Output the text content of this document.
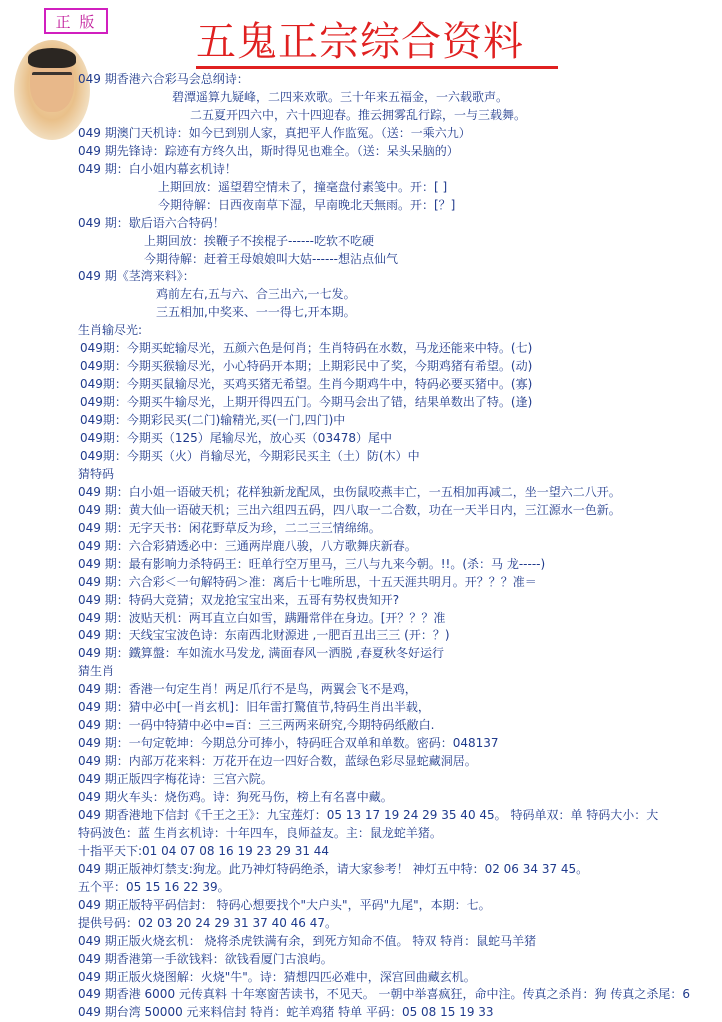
正 版 五鬼正宗综合资料
049 期香港六合彩马会总纲诗：
碧潭遥算九疑峰，二四来欢歌。三十年来五福金，一六载歌声。
二五夏开四六中，六十四迎春。推云拥雾乱行踪，一与三载舞。
049 期澳门天机诗：如今已到别人家，真把平人作监冤。（送：一乘六九）
049 期先锋诗：踪迹有方终久出，斯时得见也难全。（送：呆头呆脑的）
049 期：白小姐内幕玄机诗！
上期回放：遥望碧空情未了，撞毫盘付素笺中。开：[ ]
今期待解：日西夜南草下湿，早南晚北天無雨。开：[？]
049 期：歇后语六合特码！
上期回放：挨鞭子不挨棍子------吃软不吃硬
今期待解：赶着王母娘娘叫大姑------想沾点仙气
049 期《茎湾来料》：
鸡前左右,五与六、合三出六,一七发。
三五相加,中奖来、一一得七,开本期。
生肖输尽光:
049期：今期买蛇输尽光，五颜六色是何肖；生肖特码在水数，马龙还能来中特。(七)
049期：今期买猴输尽光，小心特码开本期；上期彩民中了奖，今期鸡猪有希望。(动)
049期：今期买鼠输尽光，买鸡买猪无希望。生肖今期鸡牛中，特码必要买猪中。(寡)
049期：今期买牛输尽光，上期开得四五门。今期马会出了错，结果单数出了特。(逢)
049期：今期彩民买(二门)输精光,买(一门,四门)中
049期：今期买（125）尾输尽光，放心买（03478）尾中
049期：今期买（火）肖输尽光，今期彩民买主（土）防(木）中
猜特码
049 期：白小姐一语破天机；花样独新龙配凤，虫伤鼠咬燕丰亡，一五相加再减二，坐一望六二八开。
049 期：黄大仙一语破天机；三出六组四五码，四八取一二合数，功在一天半日内，三江源水一色新。
049 期：无字天书：闲花野草反为珍，二二三三情绵绵。
049 期：六合彩猜透必中：三通两岸鹿八骏，八方歌舞庆新春。
049 期：最有影响力杀特码王：旺单行空万里马，三八与九来今朝。!!。(杀：马 龙-----)
049 期：六合彩＜一句解特码＞准：离后十七唯所思，十五天涯共明月。开？？？准＝
049 期：特码大竞猜；双龙抢宝宝出来，五哥有势权贵知开?
049 期：波贴天机：两耳直立白如雪，蹒跚常伴在身边。[开？？？准
049 期：天线宝宝波色诗：东南西北财源进 ,一肥百丑出三三 (开：？)
049 期：鐵算盤：车如流水马发龙, 满面春风一洒脱 ,春夏秋冬好运行
猜生肖
049 期：香港一句定生肖！两足爪行不是鸟，两翼会飞不是鸡，
049 期：猜中必中[一肖玄机]：旧年雷打驚值节,特码生肖出半载，
049 期：一码中特猜中必中=百：三三两两来研究,今期特码纸敝白.
049 期：一句定乾坤：今期总分可捧小，特码旺合双单和单数。密码：048137
049 期：内部万花来料：万花开在边一四好合数，蓝绿色彩尽显蛇藏洞居。
049 期正版四字梅花诗：三宫六院。
049 期火车头：烧伤鸡。诗：狗死马伤，榜上有名喜中藏。
049 期香港地下信封《千王之王》：九宝莲灯：05 13 17 19 24 29 35 40 45。 特码单双：单 特码大小：大
特码波色：蓝 生肖玄机诗：十年四车，良师益友。主：鼠龙蛇羊猪。
十指平天下:01 04 07 08 16 19 23 29 31 44
049 期正版神灯禁支:狗龙。此乃神灯特码绝杀，请大家参考！ 神灯五中特：02 06 34 37 45。
五个平：05 15 16 22 39。
049 期正版特平码信封： 特码心想要找个"大户头"，平码"九尾"，本期：七。
提供号码：02 03 20 24 29 31 37 40 46 47。
049 期正版火烧玄机： 烧将杀虎铁满有余，到死方知命不值。 特双 特肖：鼠蛇马羊猪
049 期香港第一手欲钱料：欲钱看厦门古浪屿。
049 期正版火烧图解：火烧"牛"。诗：猜想四匹必难中，深宫回曲藏玄机。
049 期香港 6000 元传真料 十年寒窗苦读书，不见天。 一朝中举喜疯狂，命中注。传真之杀肖：狗 传真之杀尾：6
049 期台湾 50000 元来料信封 特肖：蛇羊鸡猪 特单 平码：05 08 15 19 33
